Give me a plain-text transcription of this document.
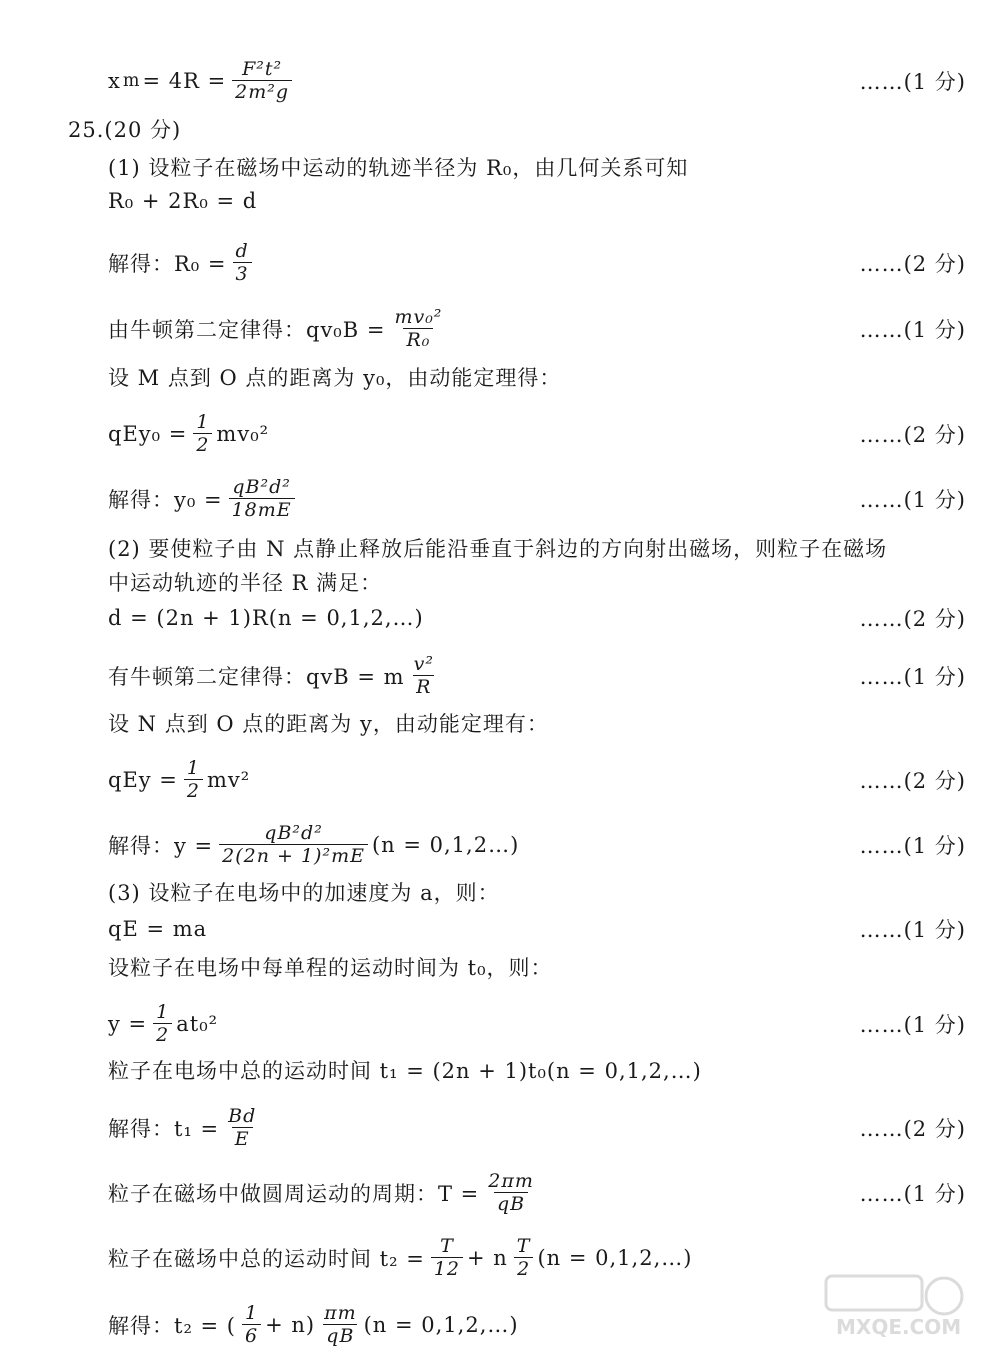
x $m = 4R = \frac{\text{F²t²}}{\text{2m²g}}$	……(1 分)
25.(20 分)
(1) 设粒子在磁场中运动的轨迹半径为 R₀，由几何关系可知
R₀ + 2R₀ = d
解得：$R_0 = \frac{d}{3}$	……(2 分)
由牛顿第二定律得：$qv_0B = \frac{\text{mv₀²}}{\text{R₀}}$	……(1 分)
设 M 点到 O 点的距离为 y₀，由动能定理得：
$qEy_0 = \frac{1}{2} mv_0^2$	……(2 分)
解得：$y_0 = \frac{\text{qB²d²}}{18mE}$	……(1 分)
(2) 要使粒子由 N 点静止释放后能沿垂直于斜边的方向射出磁场，则粒子在磁场
中运动轨迹的半径 R 满足：
d = (2n + 1)R(n = 0,1,2,…)	……(2 分)
有牛顿第二定律得：qvB = m $\frac{\text{v²}}{R}$	……(1 分)
设 N 点到 O 点的距离为 y，由动能定理有：
qEy = $\frac{1}{2} mv^2$	……(2 分)
解得：$y = \frac{\text{qB²d²}}{\text{2(2n + 1)²mE}} (n$ = 0,1,2…)	……(1 分)
(3) 设粒子在电场中的加速度为 a，则：
qE = ma	……(1 分)
设粒子在电场中每单程的运动时间为 t₀，则：
$y = \frac{1}{2} at_0^2$	……(1 分)
粒子在电场中总的运动时间 t₁ = (2n + 1)t₀(n = 0,1,2,…)
解得：$t_1 = \frac{Bd}{E}$	……(2 分)
粒子在磁场中做圆周运动的周期：$T = \frac{2\pi m}{qB}$	……(1 分)
粒子在磁场中总的运动时间 $t_2 = \frac{T}{12} + n \frac{T}{2} (n$ = 0,1,2,…)
解得：t₂ = ( $\frac{1}{6} + n) \frac{\pi m}{qB} (n$ = 0,1,2,…)	MXQE.COM
